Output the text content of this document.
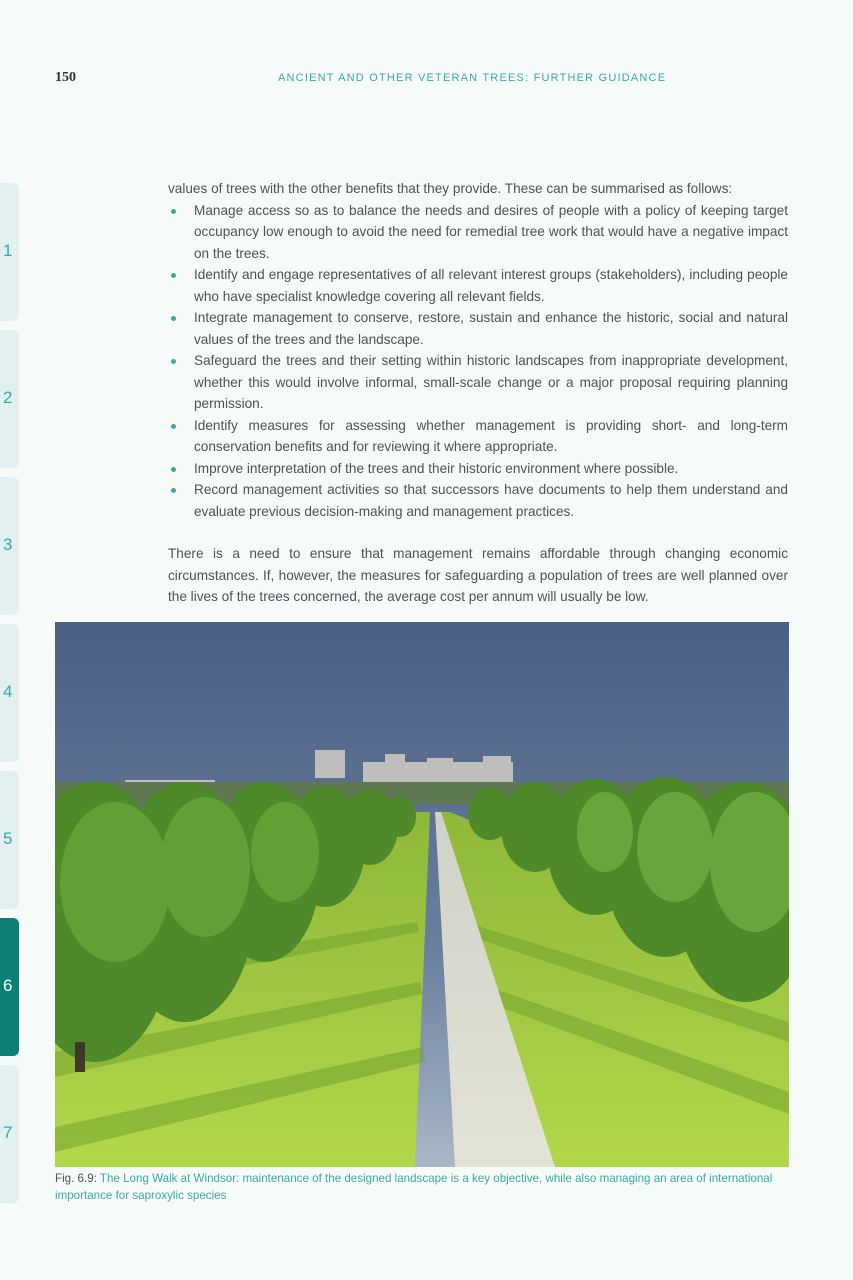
150	ANCIENT AND OTHER VETERAN TREES: FURTHER GUIDANCE
1
2
3
4
5
6
7

values of trees with the other benefits that they provide. These can be summarised as follows:

Manage access so as to balance the needs and desires of people with a policy of keeping target occupancy low enough to avoid the need for remedial tree work that would have a negative impact on the trees.
Identify and engage representatives of all relevant interest groups (stakeholders), including people who have specialist knowledge covering all relevant fields.
Integrate management to conserve, restore, sustain and enhance the historic, social and natural values of the trees and the landscape.
Safeguard the trees and their setting within historic landscapes from inappropriate development, whether this would involve informal, small-scale change or a major proposal requiring planning permission.
Identify measures for assessing whether management is providing short- and long-term conservation benefits and for reviewing it where appropriate.
Improve interpretation of the trees and their historic environment where possible.
Record management activities so that successors have documents to help them understand and evaluate previous decision-making and management practices.

There is a need to ensure that management remains affordable through changing economic circumstances. If, however, the measures for safeguarding a population of trees are well planned over the lives of the trees concerned, the average cost per annum will usually be low.

Fig. 6.9: The Long Walk at Windsor: maintenance of the designed landscape is a key objective, while also managing an area of international importance for saproxylic species
